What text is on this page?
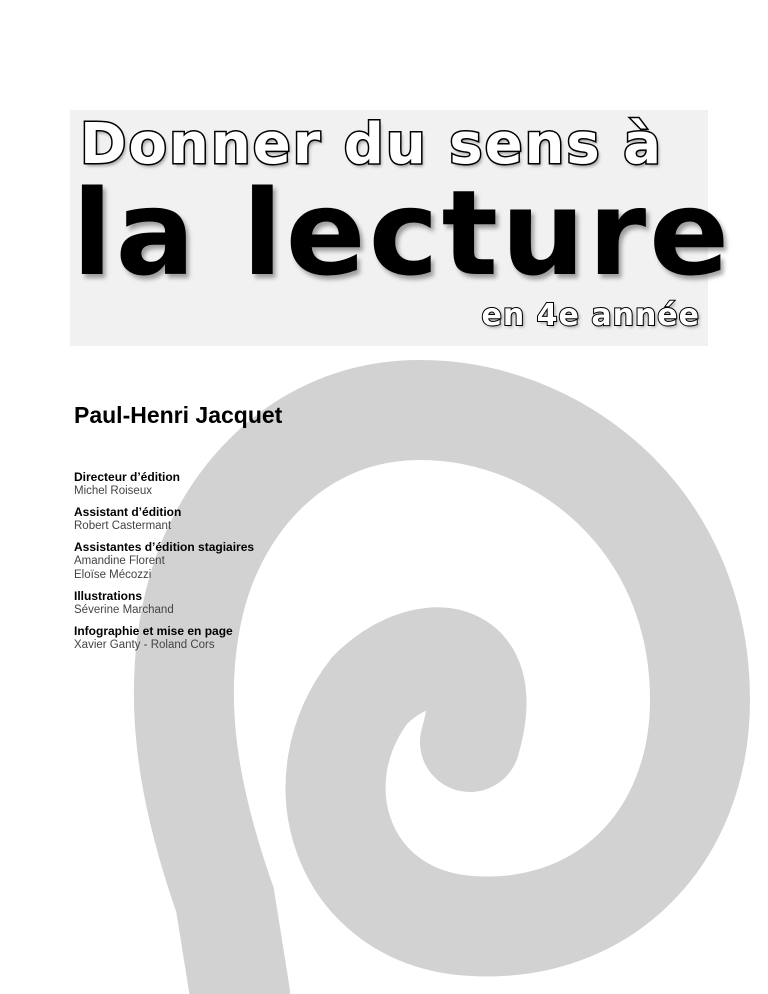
Donner du sens à
la lecture
en 4e année
Paul-Henri Jacquet
Directeur d’édition
Michel Roiseux
Assistant d’édition
Robert Castermant
Assistantes d’édition stagiaires
Amandine Florent
Eloïse Mécozzi
Illustrations
Séverine Marchand
Infographie et mise en page
Xavier Ganty - Roland Cors
